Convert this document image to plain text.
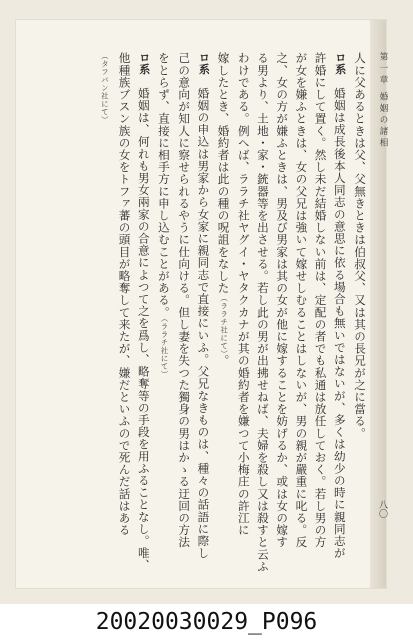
第一章 婚姻の諸相
八〇
人に父あるときは父、父無きときは伯叔父、又は其の長兄が之に當る。
ロ系　婚姻は成長後本人同志の意思に依る場合も無いではないが、多くは幼少の時に親同志が
許婚にして置く。然し未だ結婚しない前は、定配の者でも私通は放任しておく。若し男の方
が女を嫌ふときは、女の父兄は強いて嫁せしむることはしないが、男の親が嚴重に叱る。反
之、女の方が嫌ふときは、男及び男家は其の女が他に嫁することを妨げるか、或は女の嫁す
る男より、土地・家・銃器等を出させる。若し此の男が出拂せねば、夫婦を殺し又は殺すと云ふ
わけである。例へば、ララチ社ヤグイ・ヤタクカナが其の婚約者を嫌つて小梅庄の許江に
嫁したとき、婚約者は此の種の呪詛をなした（ララチ社にて）。
ロ系　婚姻の申込は男家から女家に親同志で直接にいふ。父兄なきものは、種々の話語に際し
己の意向が知人に察せられるやうに仕向ける。但し妻を失つた獨身の男はかゝる迂回の方法
をとらず、直接に相手方に申し込むことがある。（ララチ社にて）
ロ系　婚姻は、何れも男女兩家の合意によつて之を爲し、略奪等の手段を用ふることなし。唯、
他種族ブスン族の女をトファ蕃の頭目が略奪して来たが、嫌だといふので死んだ話はある
（タフバン社にて）
20020030029_P096
